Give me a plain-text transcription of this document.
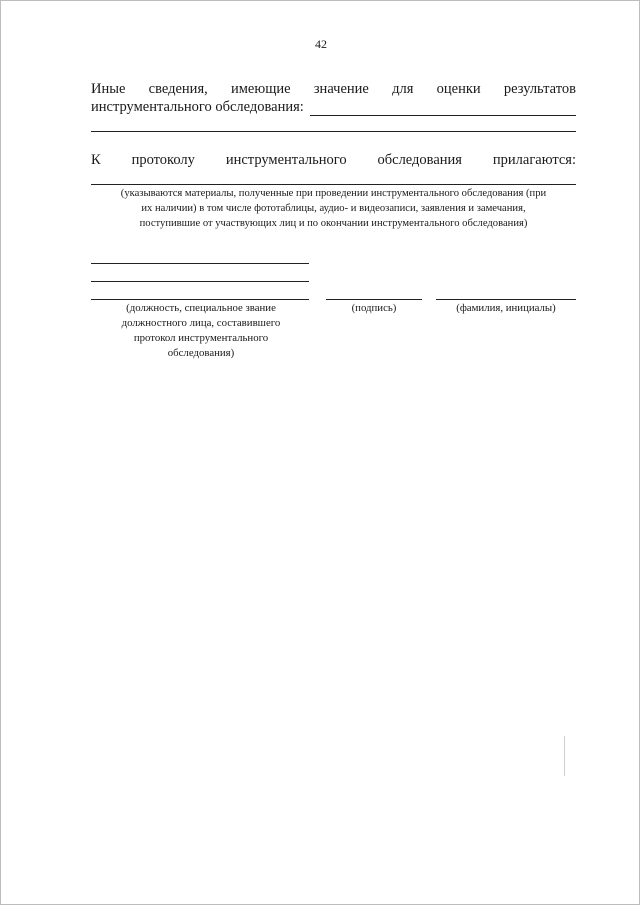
42
Иные сведения, имеющие значение для оценки результатов
инструментального обследования:
К протоколу инструментального обследования прилагаются:
(указываются материалы, полученные при проведении инструментального обследования (при
их наличии) в том числе фототаблицы, аудио- и видеозаписи, заявления и замечания,
поступившие от участвующих лиц и по окончании инструментального обследования)
(должность, специальное звание
должностного лица, составившего
протокол инструментального
обследования)
(подпись)	(фамилия, инициалы)
